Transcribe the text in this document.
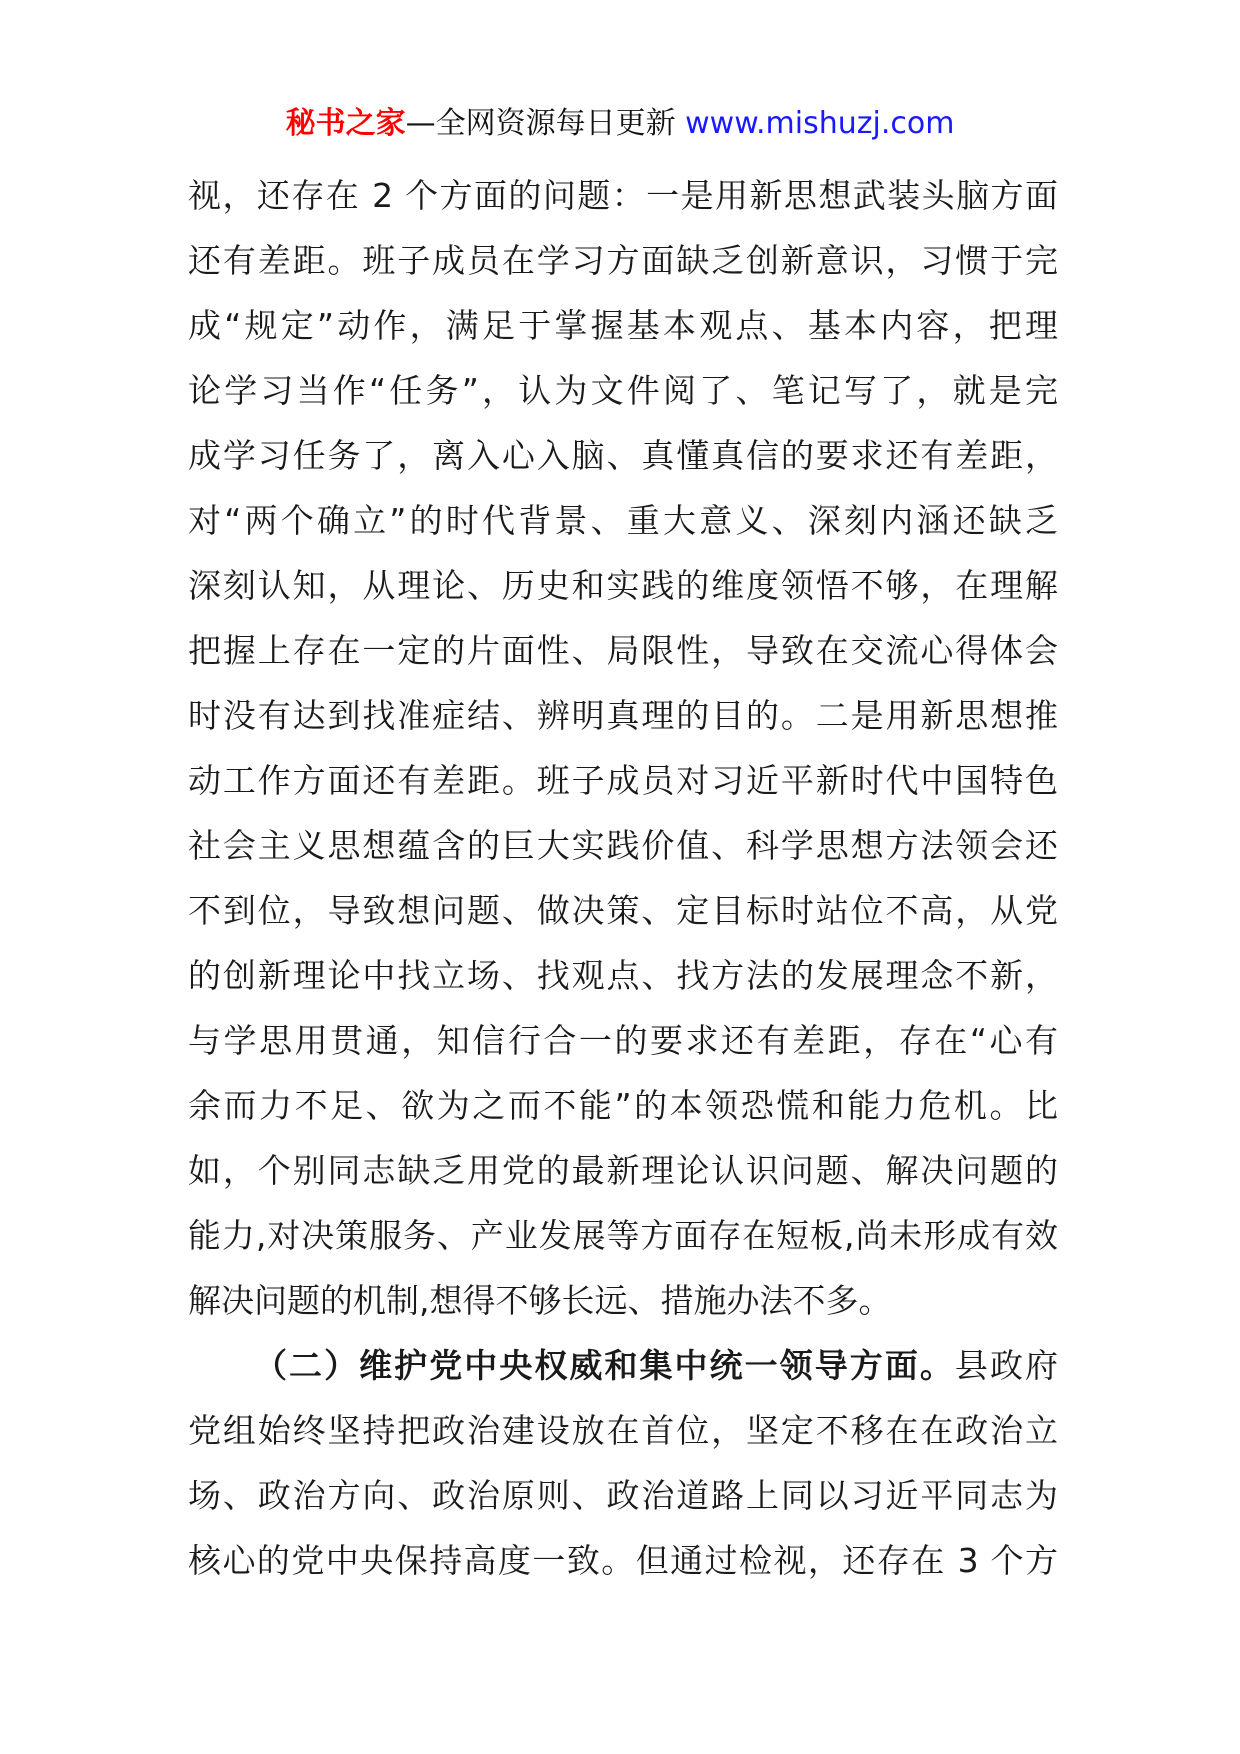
秘书之家—全网资源每日更新 www.mishuzj.com
视，还存在 2 个方面的问题：一是用新思想武装头脑方面
还有差距。班子成员在学习方面缺乏创新意识，习惯于完
成“规定”动作，满足于掌握基本观点、基本内容，把理
论学习当作“任务”，认为文件阅了、笔记写了，就是完
成学习任务了，离入心入脑、真懂真信的要求还有差距，
对“两个确立”的时代背景、重大意义、深刻内涵还缺乏
深刻认知，从理论、历史和实践的维度领悟不够，在理解
把握上存在一定的片面性、局限性，导致在交流心得体会
时没有达到找准症结、辨明真理的目的。二是用新思想推
动工作方面还有差距。班子成员对习近平新时代中国特色
社会主义思想蕴含的巨大实践价值、科学思想方法领会还
不到位，导致想问题、做决策、定目标时站位不高，从党
的创新理论中找立场、找观点、找方法的发展理念不新，
与学思用贯通，知信行合一的要求还有差距，存在“心有
余而力不足、欲为之而不能”的本领恐慌和能力危机。比
如，个别同志缺乏用党的最新理论认识问题、解决问题的
能力,对决策服务、产业发展等方面存在短板,尚未形成有效
解决问题的机制,想得不够长远、措施办法不多。
（二）维护党中央权威和集中统一领导方面。县政府
党组始终坚持把政治建设放在首位，坚定不移在在政治立
场、政治方向、政治原则、政治道路上同以习近平同志为
核心的党中央保持高度一致。但通过检视，还存在 3 个方
